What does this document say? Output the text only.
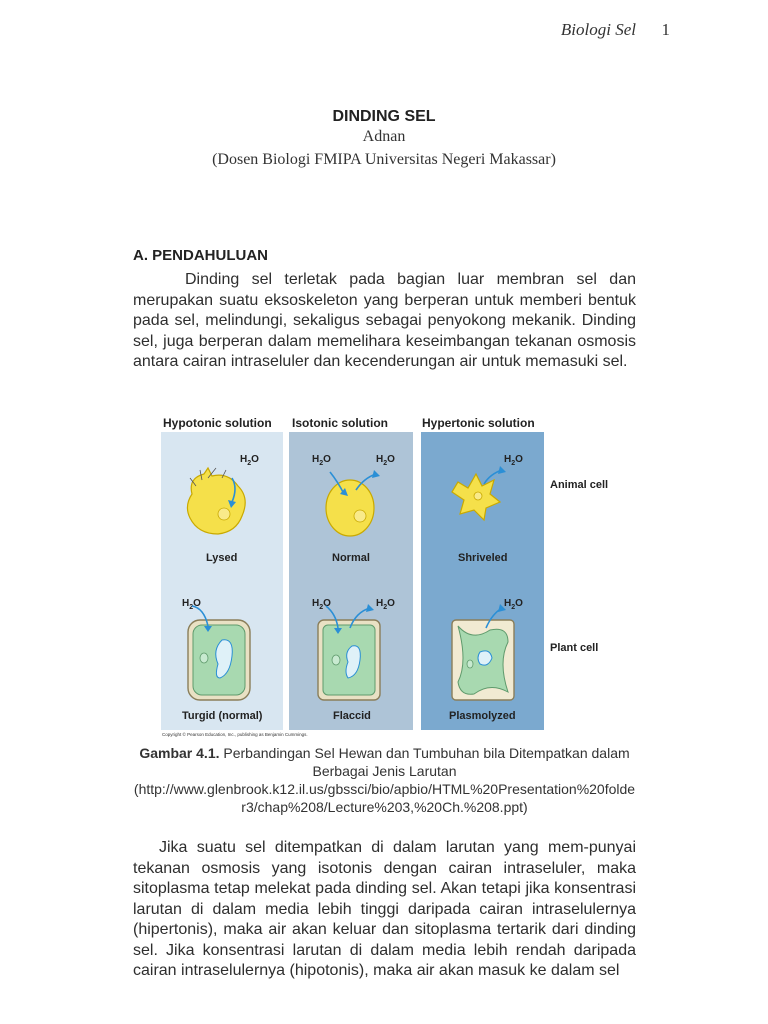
Biologi Sel 1
DINDING SEL
Adnan
(Dosen Biologi FMIPA Universitas Negeri Makassar)
A. PENDAHULUAN
Dinding sel terletak pada bagian luar membran sel dan merupakan suatu eksoskeleton yang berperan untuk memberi bentuk pada sel, melindungi, sekaligus sebagai penyokong mekanik. Dinding sel, juga berperan dalam memelihara keseimbangan tekanan osmosis antara cairan intraseluler dan kecenderungan air untuk memasuki sel.
Hypotonic solution Isotonic solution	Hypertonic solution
$H_2O$	$H_2O$	$H_2O$	$H_2O$
Lysed	Normal	Shriveled
Animal cell
Plant cell
$H_2O$	$H_2O$	$H_2O$	$H_2O$
Turgid (normal)	Flaccid	Plasmolyzed
Copyright © Pearson Education, Inc., publishing as Benjamin Cummings.
Gambar 4.1. Perbandingan Sel Hewan dan Tumbuhan bila Ditempatkan dalam Berbagai Jenis Larutan
(http://www.glenbrook.k12.il.us/gbssci/bio/apbio/HTML%20Presentation%20folder3/chap%208/Lecture%203,%20Ch.%208.ppt)
Jika suatu sel ditempatkan di dalam larutan yang mem-punyai tekanan osmosis yang isotonis dengan cairan intraseluler, maka sitoplasma tetap melekat pada dinding sel. Akan tetapi jika konsentrasi larutan di dalam media lebih tinggi daripada cairan intraselulernya (hipertonis), maka air akan keluar dan sitoplasma tertarik dari dinding sel. Jika konsentrasi larutan di dalam media lebih rendah daripada cairan intraselulernya (hipotonis), maka air akan masuk ke dalam sel
